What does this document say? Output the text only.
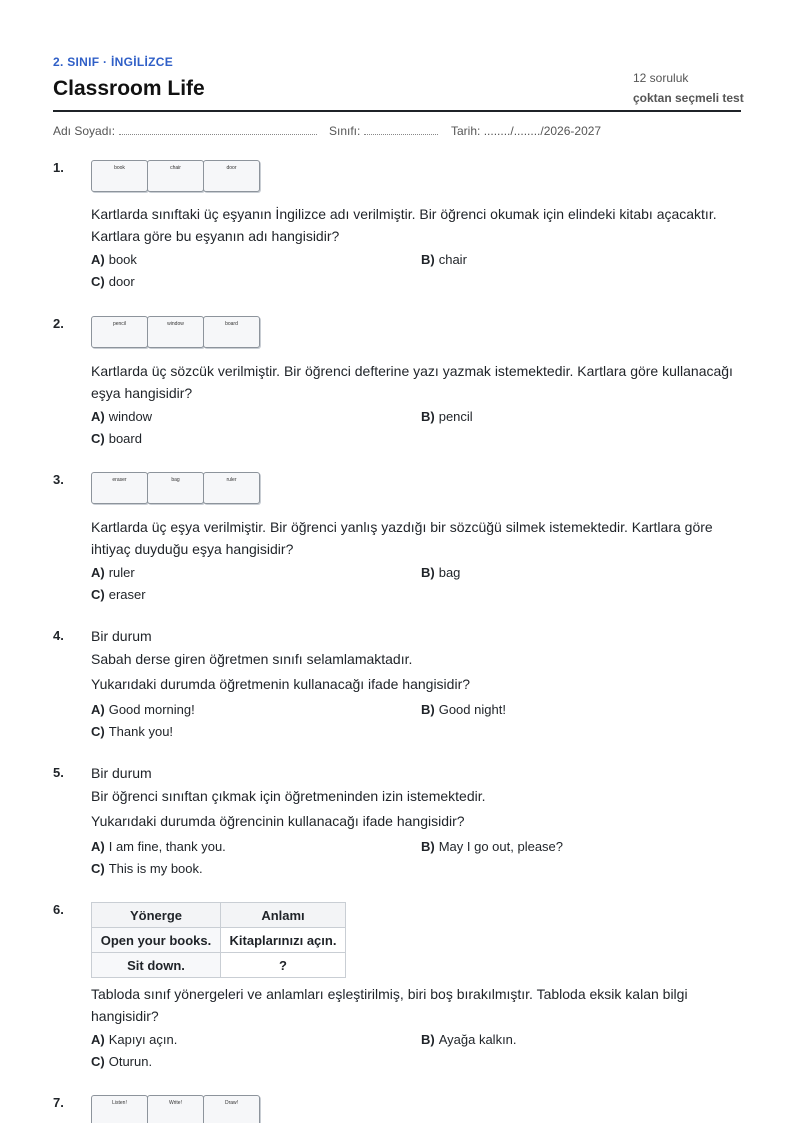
2. SINIF · İNGİLİZCE
Classroom Life	12 soruluk
çoktan seçmeli test
Adı Soyadı:	Sınıfı:	Tarih: ......../......../2026-2027
1.	book	chair	door
Kartlarda sınıftaki üç eşyanın İngilizce adı verilmiştir. Bir öğrenci okumak için elindeki kitabı açacaktır. Kartlara göre bu eşyanın adı hangisidir?
A) book	B) chair
C) door
2.	pencil	window	board
Kartlarda üç sözcük verilmiştir. Bir öğrenci defterine yazı yazmak istemektedir. Kartlara göre kullanacağı eşya hangisidir?
A) window	B) pencil
C) board
3.	eraser	bag	ruler
Kartlarda üç eşya verilmiştir. Bir öğrenci yanlış yazdığı bir sözcüğü silmek istemektedir. Kartlara göre ihtiyaç duyduğu eşya hangisidir?
A) ruler	B) bag
C) eraser
4. Bir durum
Sabah derse giren öğretmen sınıfı selamlamaktadır.
Yukarıdaki durumda öğretmenin kullanacağı ifade hangisidir?
A) Good morning!	B) Good night!
C) Thank you!
5. Bir durum
Bir öğrenci sınıftan çıkmak için öğretmeninden izin istemektedir.
Yukarıdaki durumda öğrencinin kullanacağı ifade hangisidir?
A) I am fine, thank you.	B) May I go out, please?
C) This is my book.
6.	Yönerge	Anlamı
Open your books.	Kitaplarınızı açın.
Sit down.	?
Tabloda sınıf yönergeleri ve anlamları eşleştirilmiş, biri boş bırakılmıştır. Tabloda eksik kalan bilgi hangisidir?
A) Kapıyı açın.	B) Ayağa kalkın.
C) Oturun.
7.	Listen!	Write!	Draw!
